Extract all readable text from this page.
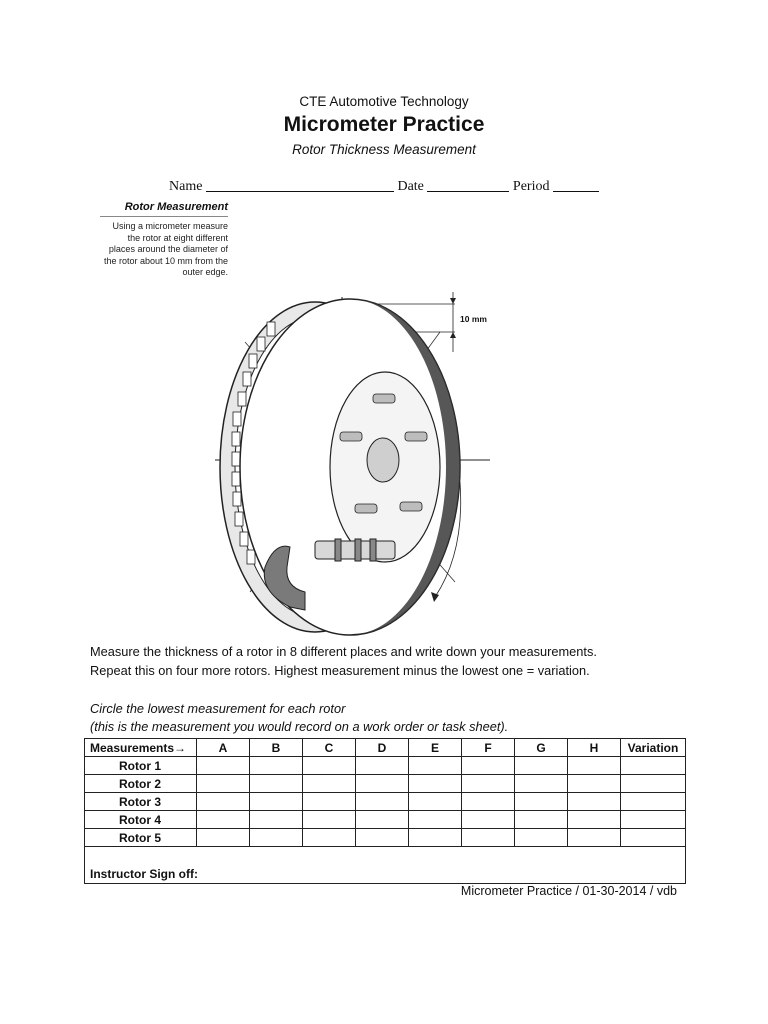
CTE Automotive Technology
Micrometer Practice
Rotor Thickness Measurement
Name	Date	Period
Rotor Measurement
Using a micrometer measure the rotor at eight different places around the diameter of the rotor about 10 mm from the outer edge.
10 mm
Measure the thickness of a rotor in 8 different places and write down your measurements.
Repeat this on four more rotors. Highest measurement minus the lowest one = variation.
Circle the lowest measurement for each rotor
(this is the measurement you would record on a work order or task sheet).
Measurements→	A	B	C	D	E	F	G	H	Variation
Rotor 1									
Rotor 2									
Rotor 3									
Rotor 4									
Rotor 5									
Instructor Sign off:									
Micrometer Practice / 01-30-2014 / vdb
